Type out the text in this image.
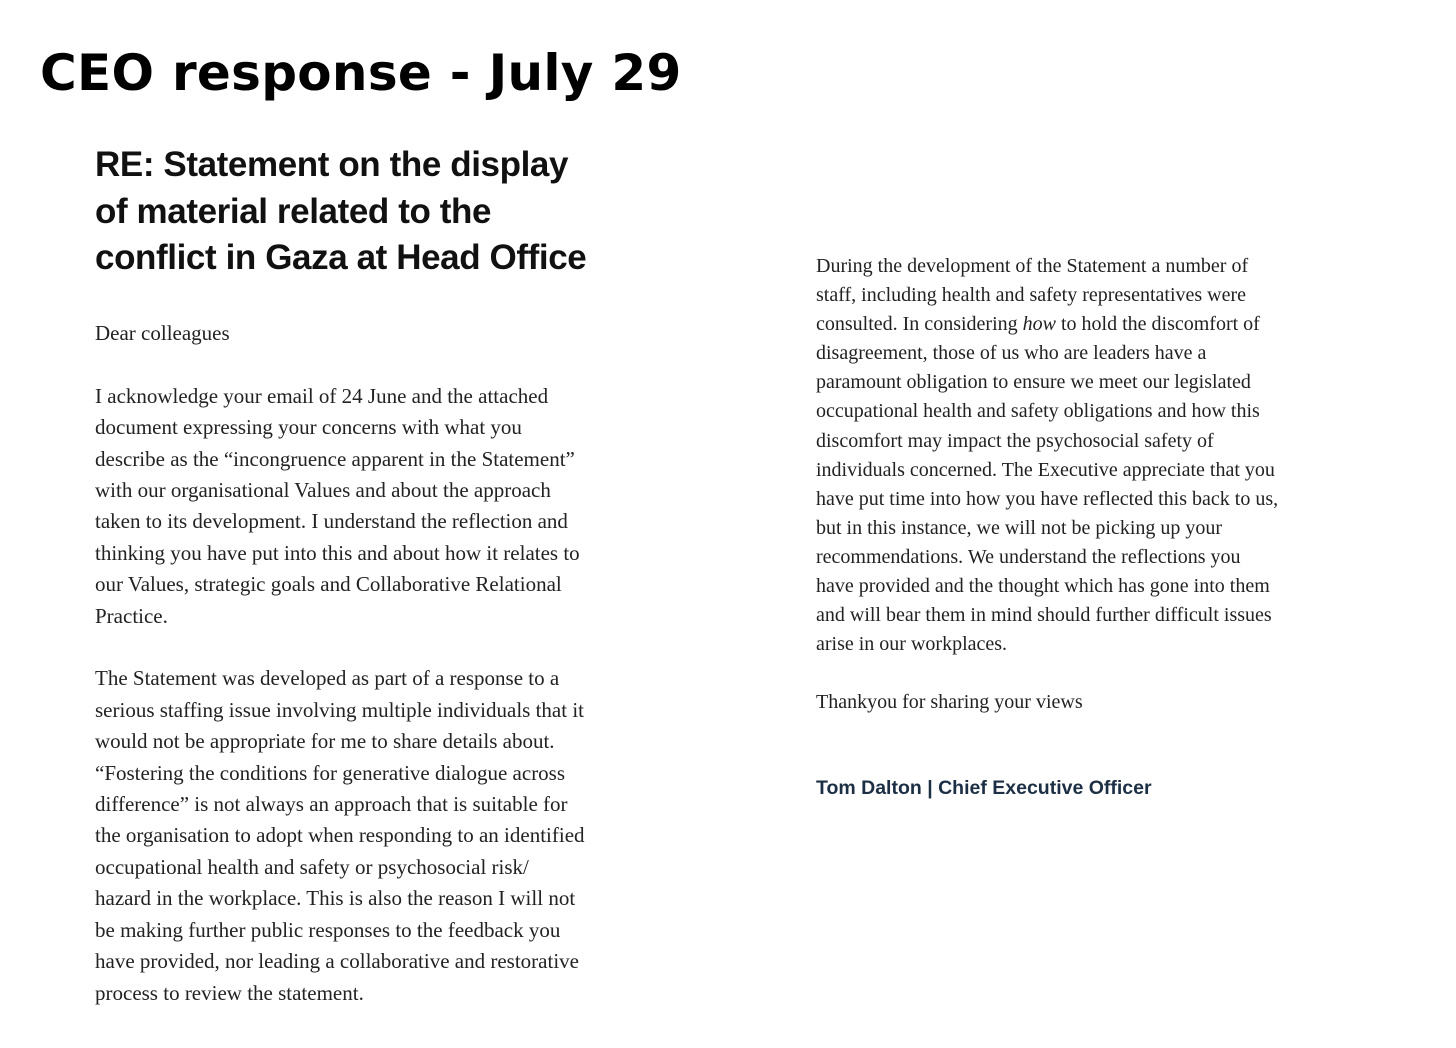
CEO response - July 29
RE: Statement on the display
of material related to the
conflict in Gaza at Head Office
Dear colleagues
I acknowledge your email of 24 June and the attached
document expressing your concerns with what you
describe as the “incongruence apparent in the Statement”
with our organisational Values and about the approach
taken to its development. I understand the reflection and
thinking you have put into this and about how it relates to
our Values, strategic goals and Collaborative Relational
Practice.
The Statement was developed as part of a response to a
serious staffing issue involving multiple individuals that it
would not be appropriate for me to share details about.
“Fostering the conditions for generative dialogue across
difference” is not always an approach that is suitable for
the organisation to adopt when responding to an identified
occupational health and safety or psychosocial risk/
hazard in the workplace. This is also the reason I will not
be making further public responses to the feedback you
have provided, nor leading a collaborative and restorative
process to review the statement.
During the development of the Statement a number of
staff, including health and safety representatives were
consulted. In considering how to hold the discomfort of
disagreement, those of us who are leaders have a
paramount obligation to ensure we meet our legislated
occupational health and safety obligations and how this
discomfort may impact the psychosocial safety of
individuals concerned. The Executive appreciate that you
have put time into how you have reflected this back to us,
but in this instance, we will not be picking up your
recommendations. We understand the reflections you
have provided and the thought which has gone into them
and will bear them in mind should further difficult issues
arise in our workplaces.
Thankyou for sharing your views
Tom Dalton | Chief Executive Officer
